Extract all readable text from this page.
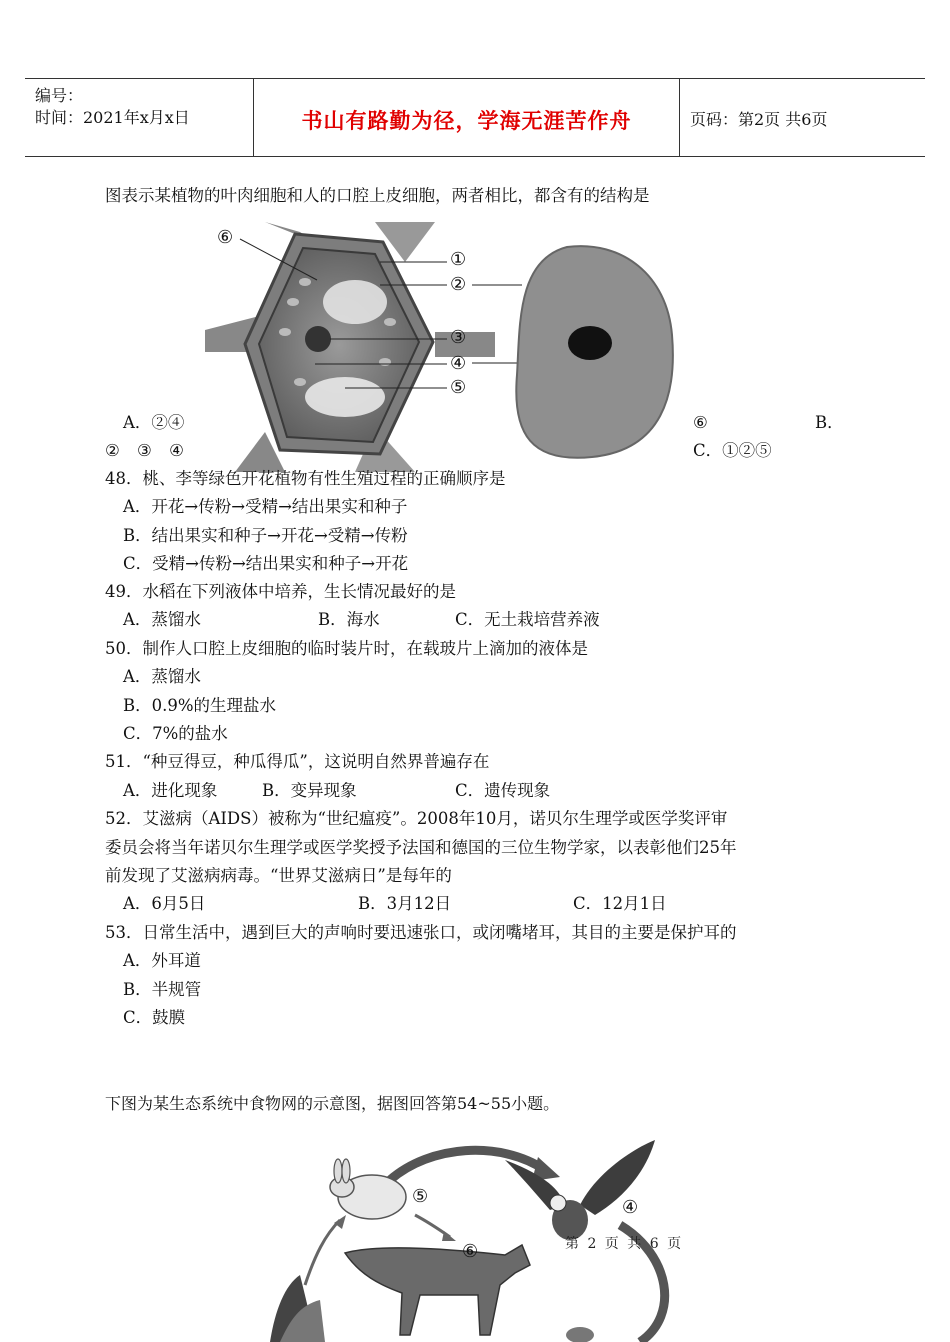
编号：
时间：2021年x月x日	书山有路勤为径，学海无涯苦作舟	页码：第2页 共6页
图表示某植物的叶肉细胞和人的口腔上皮细胞，两者相比，都含有的结构是
⑥
①
②
③
④
⑤
A．②④	⑥	B．
② ③ ④	C．①②⑤
48．桃、李等绿色开花植物有性生殖过程的正确顺序是
A．开花→传粉→受精→结出果实和种子
B．结出果实和种子→开花→受精→传粉
C．受精→传粉→结出果实和种子→开花
49．水稻在下列液体中培养，生长情况最好的是
A．蒸馏水	B．海水	C．无土栽培营养液
50．制作人口腔上皮细胞的临时装片时，在载玻片上滴加的液体是
A．蒸馏水
B．0.9%的生理盐水
C．7%的盐水
51．“种豆得豆，种瓜得瓜”，这说明自然界普遍存在
A．进化现象	B．变异现象	C．遗传现象
52．艾滋病（AIDS）被称为“世纪瘟疫”。2008年10月，诺贝尔生理学或医学奖评审
委员会将当年诺贝尔生理学或医学奖授予法国和德国的三位生物学家，以表彰他们25年
前发现了艾滋病病毒。“世界艾滋病日”是每年的
A．6月5日	B．3月12日	C．12月1日
53．日常生活中，遇到巨大的声响时要迅速张口，或闭嘴堵耳，其目的主要是保护耳的
A．外耳道
B．半规管
C．鼓膜
下图为某生态系统中食物网的示意图，据图回答第54~55小题。
⑤
④
⑥	第 2 页 共 6 页
